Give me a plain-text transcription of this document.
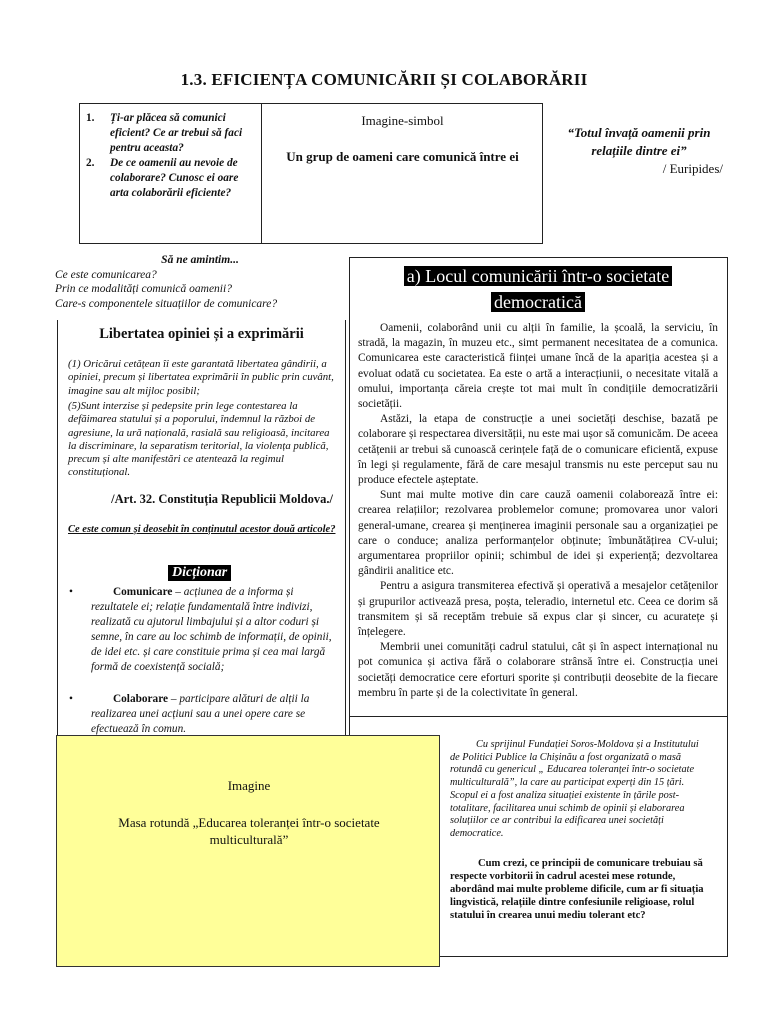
1.3. EFICIENȚA COMUNICĂRII ȘI COLABORĂRII
1. Ți-ar plăcea să comunici eficient? Ce ar trebui să faci pentru aceasta?
2. De ce oamenii au nevoie de colaborare? Cunosc ei oare arta colaborării eficiente?
Imagine-simbol
Un grup de oameni care comunică între ei
“Totul învață oamenii prin relațiile dintre ei”
/ Euripides/
Să ne amintim...
Ce este comunicarea?
Prin ce modalități comunică oamenii?
Care-s componentele situațiilor de comunicare?
Libertatea opiniei și a exprimării
(1) Oricărui cetățean îi este garantată libertatea gândirii, a opiniei, precum și libertatea exprimării în public prin cuvânt, imagine sau alt mijloc posibil;
(5)Sunt interzise și pedepsite prin lege contestarea la defăimarea statului și a poporului, îndemnul la război de agresiune, la ură națională, rasială sau religioasă, incitarea la discriminare, la separatism teritorial, la violența publică, precum și alte manifestări ce atentează la regimul constituțional.
/Art. 32. Constituția Republicii Moldova./
Ce este comun și deosebit în conținutul acestor două articole?
Dicționar
•	Comunicare – acțiunea de a informa și rezultatele ei; relație fundamentală între indivizi, realizată cu ajutorul limbajului și a altor coduri și semne, în care au loc schimb de informații, de opinii, de idei etc. și care constituie prima și cea mai largă formă de coexistență socială;
•	Colaborare – participare alături de alții la realizarea unei acțiuni sau a unei opere care se efectuează în comun.
a) Locul comunicării într-o societate
democratică

Oamenii, colaborând unii cu alții în familie, la școală, la serviciu, în stradă, la magazin, în muzeu etc., simt permanent necesitatea de a comunica. Comunicarea este caracteristică ființei umane încă de la apariția acestea și a evoluat odată cu societatea. Ea este o artă a interacțiunii, o necesitate vitală a omului, importanța căreia crește tot mai mult în condițiile democratizării societății.

Astăzi, la etapa de construcție a unei societăți deschise, bazată pe colaborare și respectarea diversității, nu este mai ușor să comunicăm. De aceea cetățenii ar trebui să cunoască cerințele față de o comunicare eficientă, expuse în legi și regulamente, fără de care mesajul transmis nu este perceput sau nu produce efectele așteptate.

Sunt mai multe motive din care cauză oamenii colaborează între ei: crearea relațiilor; rezolvarea problemelor comune; promovarea unor valori general-umane, crearea și menținerea imaginii personale sau a organizației pe care o conduce; analiza performanțelor obținute; îmbunătățirea CV-ului; argumentarea propriilor opinii; schimbul de idei și experiență; dezvoltarea gândirii analitice etc.

Pentru a asigura transmiterea efectivă și operativă a mesajelor cetățenilor și grupurilor activează presa, poșta, teleradio, internetul etc. Ceea ce dorim să transmitem și să receptăm trebuie să expus clar și sincer, cu acuratețe și înțelegere.

Membrii unei comunități cadrul statului, cât și în aspect internațional nu pot comunica și activa fără o colaborare strânsă între ei. Construcția unei societăți democratice cere eforturi sporite și contribuții deosebite de la fiecare membru în parte și de la colectivitate în general.

Cu sprijinul Fundației Soros-Moldova și a Institutului de Politici Publice la Chișinău a fost organizată o masă rotundă cu genericul „ Educarea toleranței într-o societate multiculturală”, la care au participat experți din 15 țări. Scopul ei a fost analiza situației existente în țările post-totalitare, facilitarea unui schimb de opinii și elaborarea soluțiilor ce ar contribui la edificarea unei societăți democratice.

Cum crezi, ce principii de comunicare trebuiau să respecte vorbitorii în cadrul acestei mese rotunde, abordând mai multe probleme dificile, cum ar fi situația lingvistică, relațiile dintre confesiunile religioase, rolul statului în crearea unui mediu tolerant etc?

Imagine
Masa rotundă „Educarea toleranței într-o societate multiculturală”
